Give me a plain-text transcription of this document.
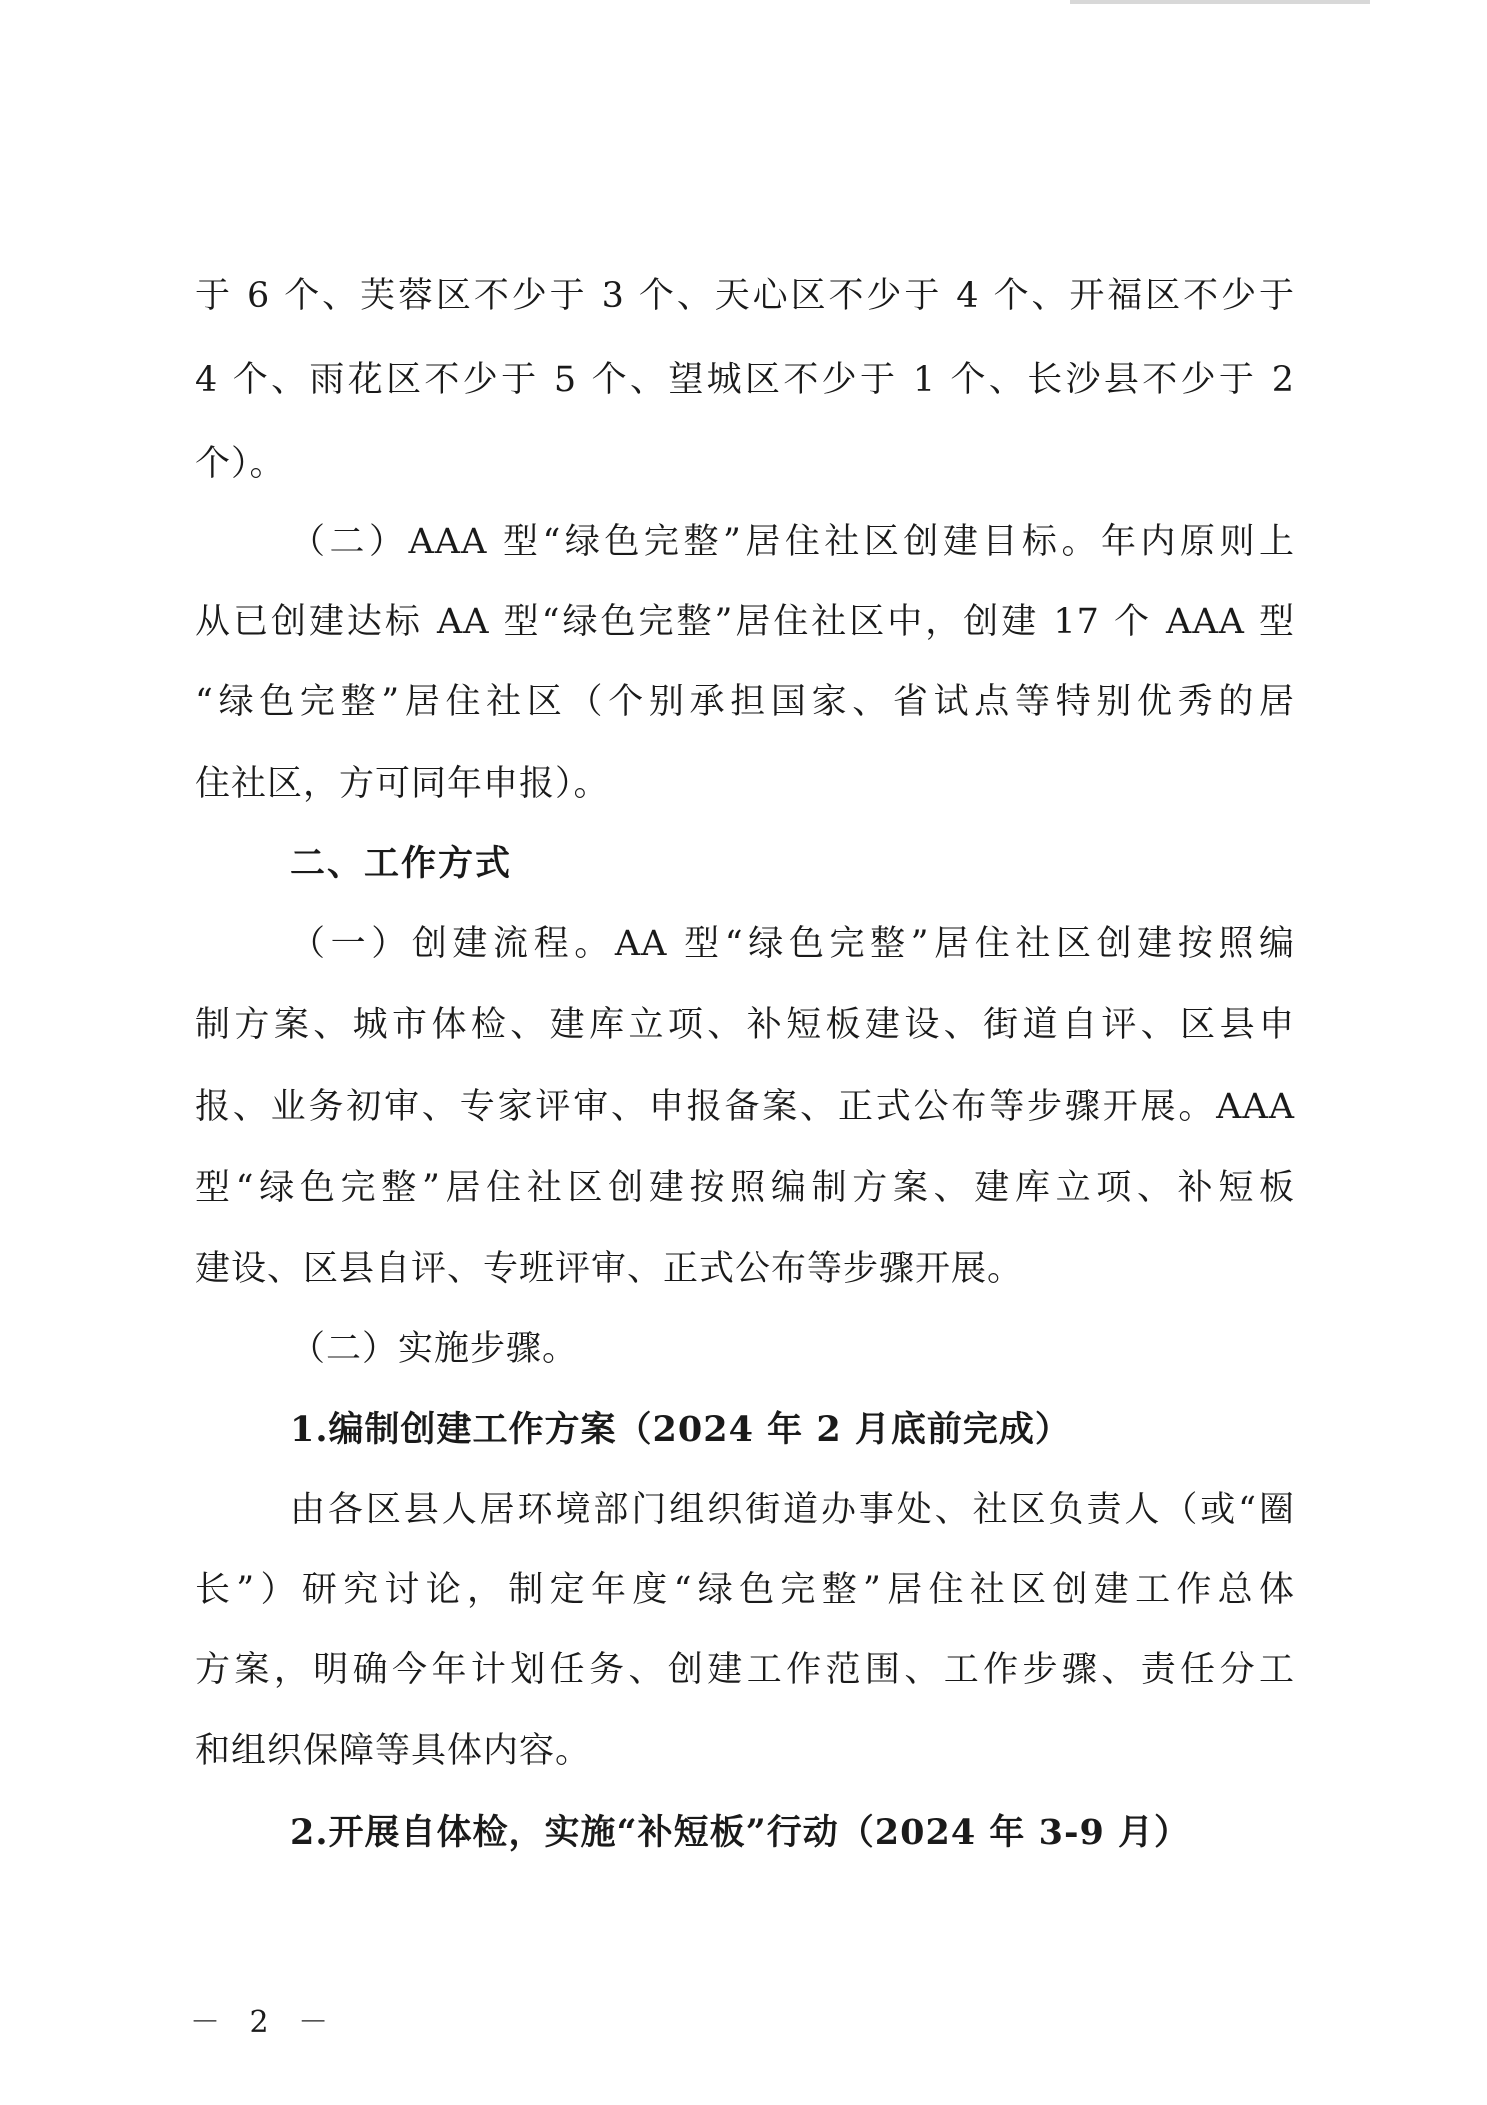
于 6 个、芙蓉区不少于 3 个、天心区不少于 4 个、开福区不少于
4 个、雨花区不少于 5 个、望城区不少于 1 个、长沙县不少于 2
个）。
（二）AAA 型“绿色完整”居住社区创建目标。年内原则上
从已创建达标 AA 型“绿色完整”居住社区中，创建 17 个 AAA 型
“绿色完整”居住社区（个别承担国家、省试点等特别优秀的居
住社区，方可同年申报）。
二、工作方式
（一）创建流程。AA 型“绿色完整”居住社区创建按照编
制方案、城市体检、建库立项、补短板建设、街道自评、区县申
报、业务初审、专家评审、申报备案、正式公布等步骤开展。AAA
型“绿色完整”居住社区创建按照编制方案、建库立项、补短板
建设、区县自评、专班评审、正式公布等步骤开展。
（二）实施步骤。
1.编制创建工作方案（2024 年 2 月底前完成）
由各区县人居环境部门组织街道办事处、社区负责人（或“圈
长”）研究讨论，制定年度“绿色完整”居住社区创建工作总体
方案，明确今年计划任务、创建工作范围、工作步骤、责任分工
和组织保障等具体内容。
2.开展自体检，实施“补短板”行动（2024 年 3-9 月）
－ 2 －
